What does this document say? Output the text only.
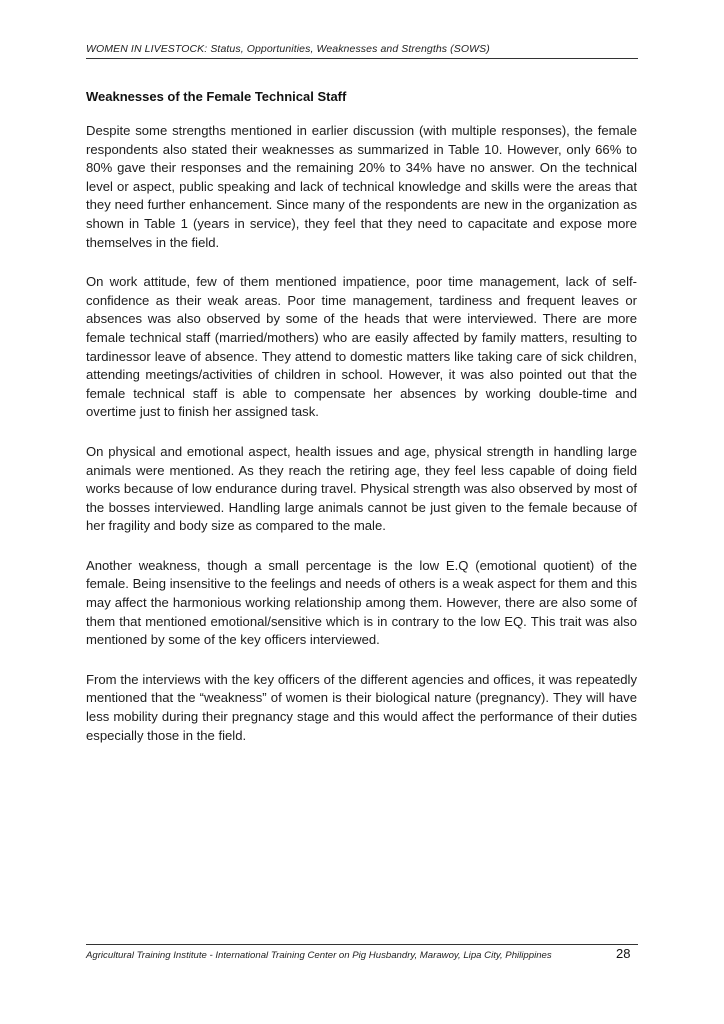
WOMEN IN LIVESTOCK: Status, Opportunities, Weaknesses and Strengths (SOWS)
Weaknesses of the Female Technical Staff

Despite some strengths mentioned in earlier discussion (with multiple responses), the female respondents also stated their weaknesses as summarized in Table 10. However, only 66% to 80% gave their responses and the remaining 20% to 34% have no answer. On the technical level or aspect, public speaking and lack of technical knowledge and skills were the areas that they need further enhancement. Since many of the respondents are new in the organization as shown in Table 1 (years in service), they feel that they need to capacitate and expose more themselves in the field.

On work attitude, few of them mentioned impatience, poor time management, lack of self-confidence as their weak areas. Poor time management, tardiness and frequent leaves or absences was also observed by some of the heads that were interviewed. There are more female technical staff (married/mothers) who are easily affected by family matters, resulting to tardinessor leave of absence. They attend to domestic matters like taking care of sick children, attending meetings/activities of children in school. However, it was also pointed out that the female technical staff is able to compensate her absences by working double-time and overtime just to finish her assigned task.

On physical and emotional aspect, health issues and age, physical strength in handling large animals were mentioned. As they reach the retiring age, they feel less capable of doing field works because of low endurance during travel. Physical strength was also observed by most of the bosses interviewed. Handling large animals cannot be just given to the female because of her fragility and body size as compared to the male.

Another weakness, though a small percentage is the low E.Q (emotional quotient) of the female. Being insensitive to the feelings and needs of others is a weak aspect for them and this may affect the harmonious working relationship among them. However, there are also some of them that mentioned emotional/sensitive which is in contrary to the low EQ. This trait was also mentioned by some of the key officers interviewed.

From the interviews with the key officers of the different agencies and offices, it was repeatedly mentioned that the “weakness” of women is their biological nature (pregnancy). They will have less mobility during their pregnancy stage and this would affect the performance of their duties especially those in the field.

Agricultural Training Institute - International Training Center on Pig Husbandry, Marawoy, Lipa City, Philippines	28
